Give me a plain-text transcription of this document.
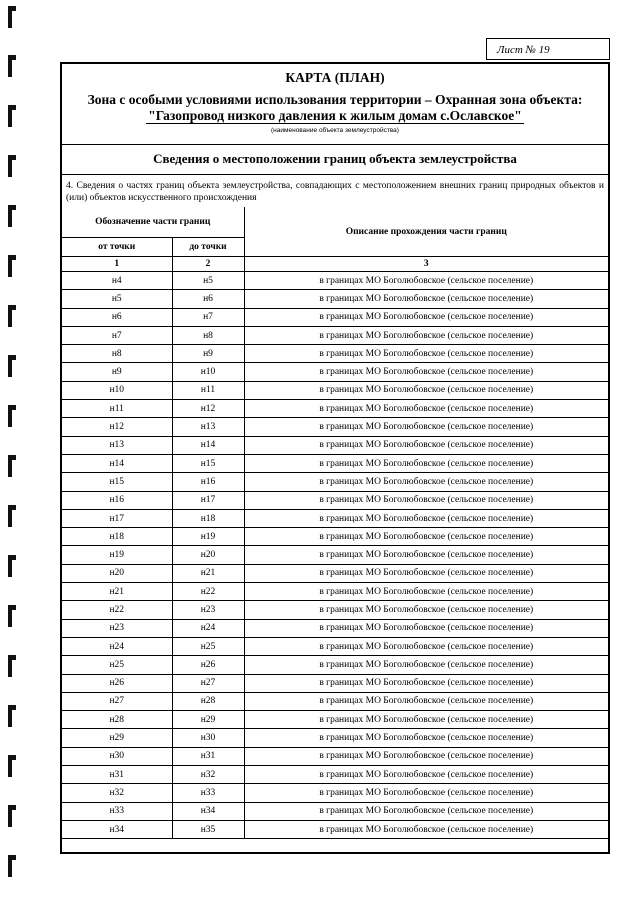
Лист № 19
КАРТА (ПЛАН)
Зона с особыми условиями использования территории – Охранная зона объекта:
"Газопровод низкого давления к жилым домам с.Ославское"
(наименование объекта землеустройства)
Сведения о местоположении границ объекта землеустройства
4. Сведения о частях границ объекта землеустройства, совпадающих с местоположением внешних границ природных объектов и (или) объектов искусственного происхождения
Обозначение части границ		Описание прохождения части границ
от точки	до точки	
1	2	3
н4	н5	в границах МО Боголюбовское (сельское поселение)
н5	н6	в границах МО Боголюбовское (сельское поселение)
н6	н7	в границах МО Боголюбовское (сельское поселение)
н7	н8	в границах МО Боголюбовское (сельское поселение)
н8	н9	в границах МО Боголюбовское (сельское поселение)
н9	н10	в границах МО Боголюбовское (сельское поселение)
н10	н11	в границах МО Боголюбовское (сельское поселение)
н11	н12	в границах МО Боголюбовское (сельское поселение)
н12	н13	в границах МО Боголюбовское (сельское поселение)
н13	н14	в границах МО Боголюбовское (сельское поселение)
н14	н15	в границах МО Боголюбовское (сельское поселение)
н15	н16	в границах МО Боголюбовское (сельское поселение)
н16	н17	в границах МО Боголюбовское (сельское поселение)
н17	н18	в границах МО Боголюбовское (сельское поселение)
н18	н19	в границах МО Боголюбовское (сельское поселение)
н19	н20	в границах МО Боголюбовское (сельское поселение)
н20	н21	в границах МО Боголюбовское (сельское поселение)
н21	н22	в границах МО Боголюбовское (сельское поселение)
н22	н23	в границах МО Боголюбовское (сельское поселение)
н23	н24	в границах МО Боголюбовское (сельское поселение)
н24	н25	в границах МО Боголюбовское (сельское поселение)
н25	н26	в границах МО Боголюбовское (сельское поселение)
н26	н27	в границах МО Боголюбовское (сельское поселение)
н27	н28	в границах МО Боголюбовское (сельское поселение)
н28	н29	в границах МО Боголюбовское (сельское поселение)
н29	н30	в границах МО Боголюбовское (сельское поселение)
н30	н31	в границах МО Боголюбовское (сельское поселение)
н31	н32	в границах МО Боголюбовское (сельское поселение)
н32	н33	в границах МО Боголюбовское (сельское поселение)
н33	н34	в границах МО Боголюбовское (сельское поселение)
н34	н35	в границах МО Боголюбовское (сельское поселение)
